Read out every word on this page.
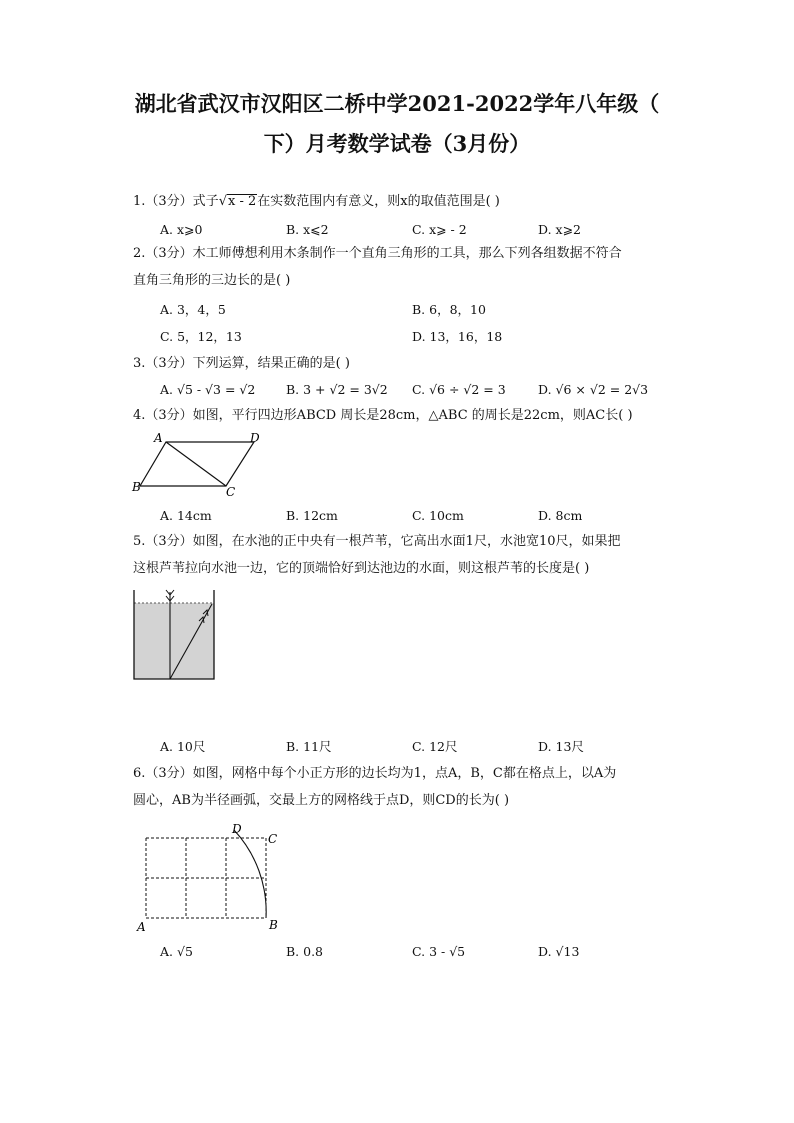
湖北省武汉市汉阳区二桥中学2021-2022学年八年级（
下）月考数学试卷（3月份）
1.（3分）式子√x - 2在实数范围内有意义，则x的取值范围是( )
A. x⩾0	B. x⩽2	C. x⩾ - 2	D. x⩾2
2.（3分）木工师傅想利用木条制作一个直角三角形的工具，那么下列各组数据不符合
直角三角形的三边长的是( )
A. 3，4，5	B. 6，8，10
C. 5，12，13	D. 13，16，18
3.（3分）下列运算，结果正确的是( )
A. √5 - √3 = √2 B. 3 + √2 = 3√2 C. √6 ÷ √2 = 3	D. √6 × √2 = 2√3
4.（3分）如图，平行四边形ABCD 周长是28cm，△ABC 的周长是22cm，则AC长( )
A	D
B	C
A. 14cm	B. 12cm	C. 10cm	D. 8cm
5.（3分）如图，在水池的正中央有一根芦苇，它高出水面1尺，水池宽10尺，如果把
这根芦苇拉向水池一边，它的顶端恰好到达池边的水面，则这根芦苇的长度是( )
A. 10尺	B. 11尺	C. 12尺	D. 13尺
6.（3分）如图，网格中每个小正方形的边长均为1，点A，B，C都在格点上，以A为
圆心，AB为半径画弧，交最上方的网格线于点D，则CD的长为( )
D
C
A	B
A. √5	B. 0.8	C. 3 - √5	D. √13
